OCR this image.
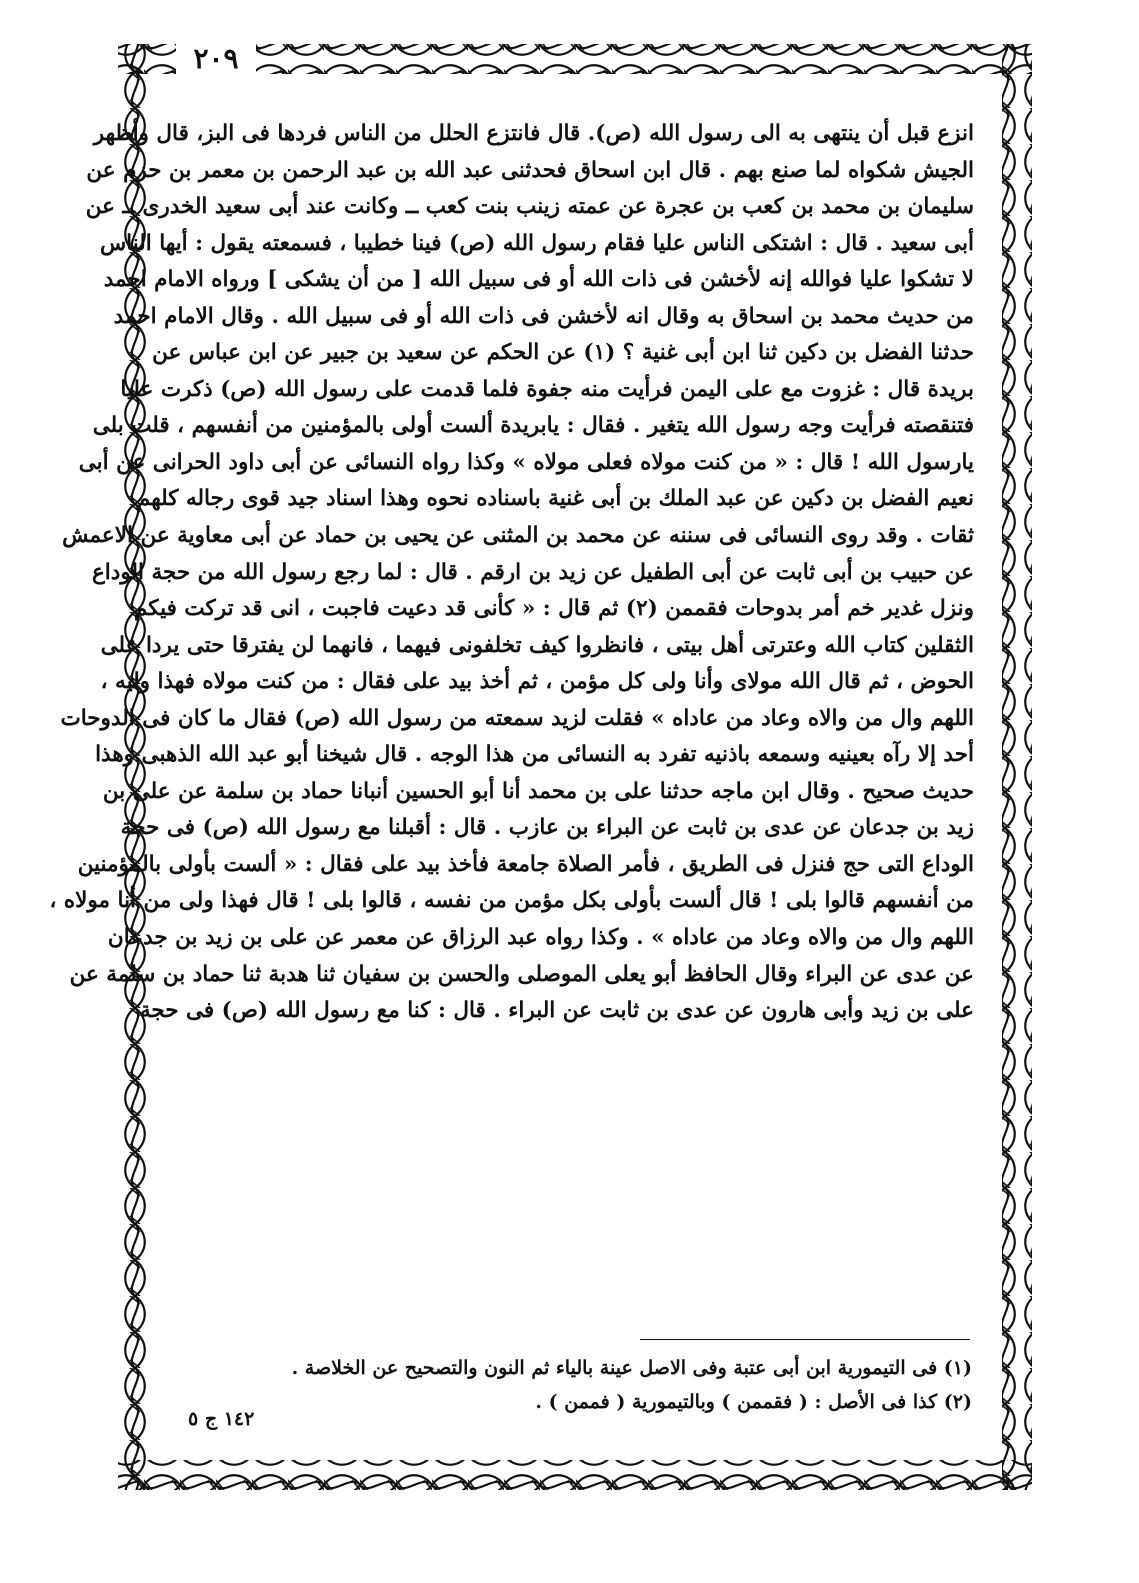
٢٠٩
انزع قبل أن ينتهى به الى رسول الله (ص). قال فانتزع الحلل من الناس فردها فى البز، قال وأظهر
الجيش شكواه لما صنع بهم . قال ابن اسحاق فحدثنى عبد الله بن عبد الرحمن بن معمر بن حزم عن
سليمان بن محمد بن كعب بن عجرة عن عمته زينب بنت كعب ــ وكانت عند أبى سعيد الخدرى ــ عن
أبى سعيد . قال : اشتكى الناس عليا فقام رسول الله (ص) فينا خطيبا ، فسمعته يقول : أيها الناس
لا تشكوا عليا فوالله إنه لأخشن فى ذات الله أو فى سبيل الله [ من أن يشكى ] ورواه الامام احمد
من حديث محمد بن اسحاق به وقال انه لأخشن فى ذات الله أو فى سبيل الله . وقال الامام احمد
حدثنا الفضل بن دكين ثنا ابن أبى غنية ؟ (١) عن الحكم عن سعيد بن جبير عن ابن عباس عن
بريدة قال : غزوت مع على اليمن فرأيت منه جفوة فلما قدمت على رسول الله (ص) ذكرت عليا
فتنقصته فرأيت وجه رسول الله يتغير . فقال : يابريدة ألست أولى بالمؤمنين من أنفسهم ، قلت بلى
يارسول الله ! قال : « من كنت مولاه فعلى مولاه » وكذا رواه النسائى عن أبى داود الحرانى عن أبى
نعيم الفضل بن دكين عن عبد الملك بن أبى غنية باسناده نحوه وهذا اسناد جيد قوى رجاله كلهم
ثقات . وقد روى النسائى فى سننه عن محمد بن المثنى عن يحيى بن حماد عن أبى معاوية عن الاعمش
عن حبيب بن أبى ثابت عن أبى الطفيل عن زيد بن ارقم . قال : لما رجع رسول الله من حجة الوداع
ونزل غدير خم أمر بدوحات فقممن (٢) ثم قال : « كأنى قد دعيت فاجبت ، انى قد تركت فيكم
الثقلين كتاب الله وعترتى أهل بيتى ، فانظروا كيف تخلفونى فيهما ، فانهما لن يفترقا حتى يردا على
الحوض ، ثم قال الله مولاى وأنا ولى كل مؤمن ، ثم أخذ بيد على فقال : من كنت مولاه فهذا وليه ،
اللهم وال من والاه وعاد من عاداه » فقلت لزيد سمعته من رسول الله (ص) فقال ما كان فى الدوحات
أحد إلا رآه بعينيه وسمعه باذنيه تفرد به النسائى من هذا الوجه . قال شيخنا أبو عبد الله الذهبى وهذا
حديث صحيح . وقال ابن ماجه حدثنا على بن محمد أنا أبو الحسين أنبانا حماد بن سلمة عن على بن
زيد بن جدعان عن عدى بن ثابت عن البراء بن عازب . قال : أقبلنا مع رسول الله (ص) فى حجة
الوداع التى حج فنزل فى الطريق ، فأمر الصلاة جامعة فأخذ بيد على فقال : « ألست بأولى بالمؤمنين
من أنفسهم قالوا بلى ! قال ألست بأولى بكل مؤمن من نفسه ، قالوا بلى ! قال فهذا ولى من أنا مولاه ،
اللهم وال من والاه وعاد من عاداه » . وكذا رواه عبد الرزاق عن معمر عن على بن زيد بن جدعان
عن عدى عن البراء وقال الحافظ أبو يعلى الموصلى والحسن بن سفيان ثنا هدبة ثنا حماد بن سلمة عن
على بن زيد وأبى هارون عن عدى بن ثابت عن البراء . قال : كنا مع رسول الله (ص) فى حجة
(١) فى التيمورية ابن أبى عتبة وفى الاصل عينة بالياء ثم النون والتصحيح عن الخلاصة .
(٢) كذا فى الأصل : ( فقممن ) وبالتيمورية ( فممن ) .
١٤٢ ج ٥
